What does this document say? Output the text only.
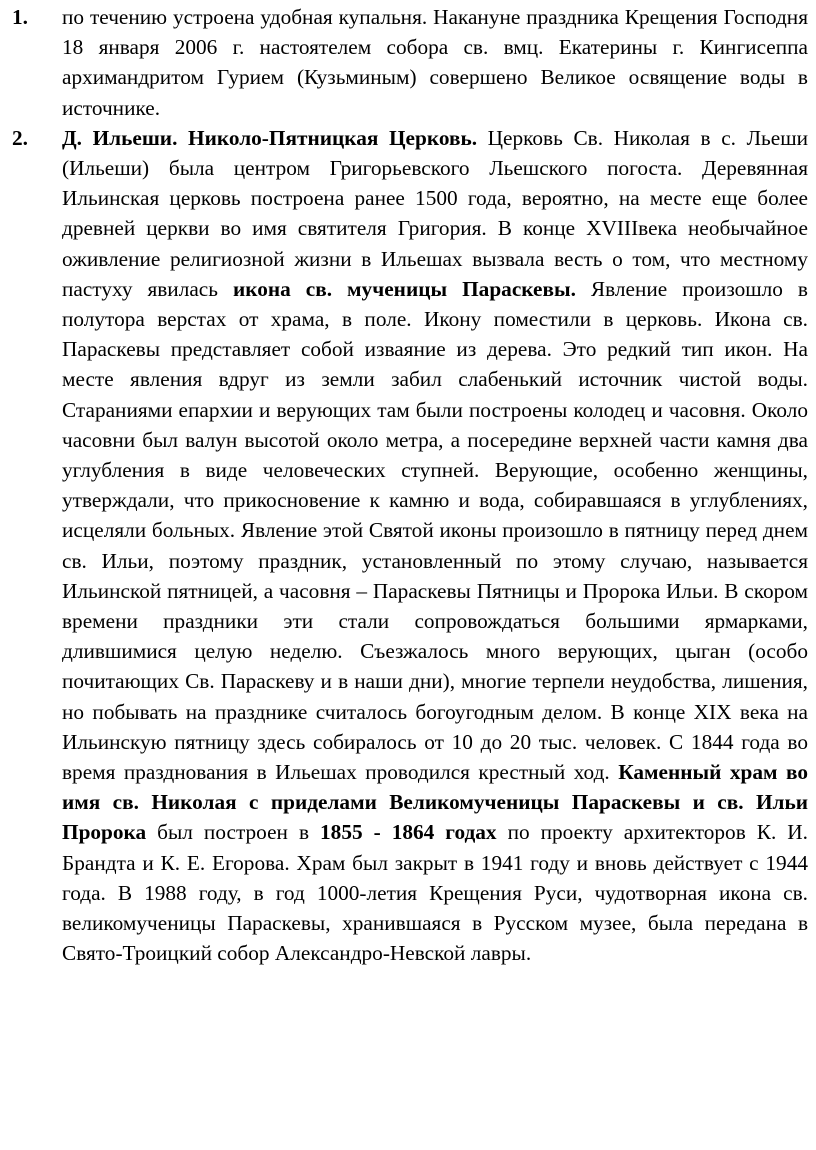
1.	по течению устроена удобная купальня. Накануне праздника Крещения Господня 18 января 2006 г. настоятелем собора св. вмц. Екатерины г. Кингисеппа архимандритом Гурием (Кузьминым) совершено Великое освящение воды в источнике.
2.	Д. Ильеши. Николо-Пятницкая Церковь. Церковь Св. Николая в с. Льеши (Ильеши) была центром Григорьевского Льешского погоста. Деревянная Ильинская церковь построена ранее 1500 года, вероятно, на месте еще более древней церкви во имя святителя Григория. В конце XVIIIвека необычайное оживление религиозной жизни в Ильешах вызвала весть о том, что местному пастуху явилась икона св. мученицы Параскевы. Явление произошло в полутора верстах от храма, в поле. Икону поместили в церковь. Икона св. Параскевы представляет собой изваяние из дерева. Это редкий тип икон. На месте явления вдруг из земли забил слабенький источник чистой воды. Стараниями епархии и верующих там были построены колодец и часовня. Около часовни был валун высотой около метра, а посередине верхней части камня два углубления в виде человеческих ступней. Верующие, особенно женщины, утверждали, что прикосновение к камню и вода, собиравшаяся в углублениях, исцеляли больных. Явление этой Святой иконы произошло в пятницу перед днем св. Ильи, поэтому праздник, установленный по этому случаю, называется Ильинской пятницей, а часовня – Параскевы Пятницы и Пророка Ильи. В скором времени праздники эти стали сопровождаться большими ярмарками, длившимися целую неделю. Съезжалось много верующих, цыган (особо почитающих Св. Параскеву и в наши дни), многие терпели неудобства, лишения, но побывать на празднике считалось богоугодным делом. В конце XIX века на Ильинскую пятницу здесь собиралось от 10 до 20 тыс. человек. С 1844 года во время празднования в Ильешах проводился крестный ход. Каменный храм во имя св. Николая с приделами Великомученицы Параскевы и св. Ильи Пророка был построен в 1855 - 1864 годах по проекту архитекторов К. И. Брандта и К. Е. Егорова. Храм был закрыт в 1941 году и вновь действует с 1944 года. В 1988 году, в год 1000-летия Крещения Руси, чудотворная икона св. великомученицы Параскевы, хранившаяся в Русском музее, была передана в Свято-Троицкий собор Александро-Невской лавры.
